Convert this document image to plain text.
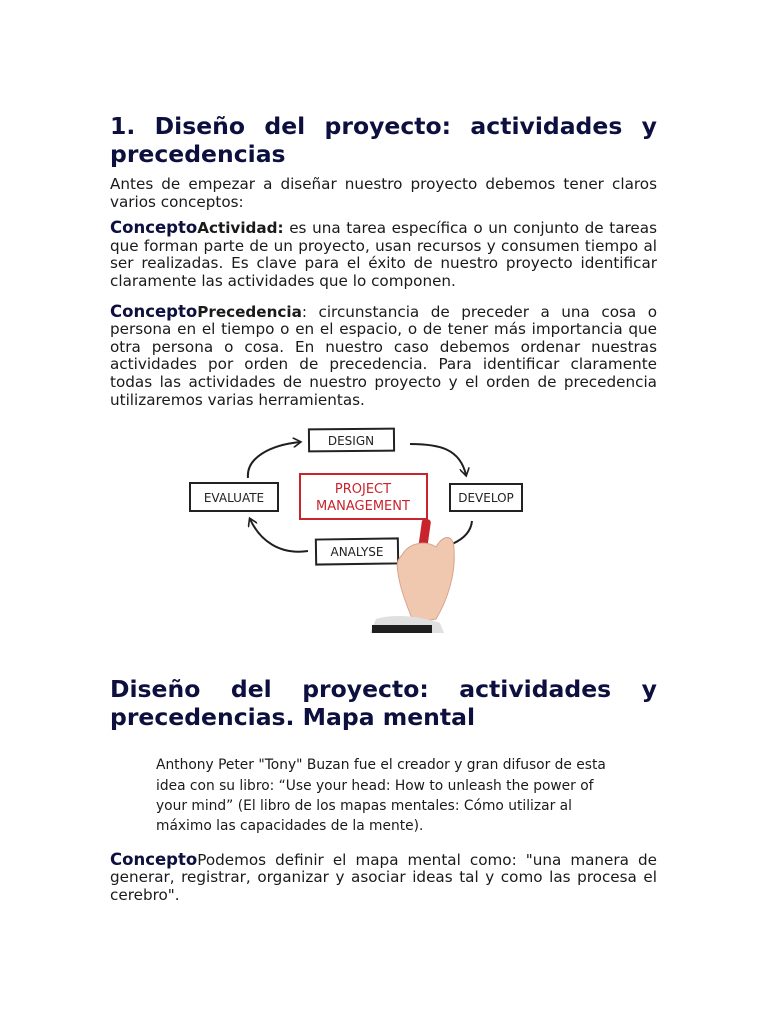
1. Diseño del proyecto: actividades y precedencias

Antes de empezar a diseñar nuestro proyecto debemos tener claros varios conceptos:

ConceptoActividad: es una tarea específica o un conjunto de tareas que forman parte de un proyecto, usan recursos y consumen tiempo al ser realizadas. Es clave para el éxito de nuestro proyecto identificar claramente las actividades que lo componen.

ConceptoPrecedencia: circunstancia de preceder a una cosa o persona en el tiempo o en el espacio, o de tener más importancia que otra persona o cosa. En nuestro caso debemos ordenar nuestras actividades por orden de precedencia. Para identificar claramente todas las actividades de nuestro proyecto y el orden de precedencia utilizaremos varias herramientas.

DESIGN
DEVELOP
EVALUATE
ANALYSE
PROJECT
MANAGEMENT
Diseño del proyecto: actividades y precedencias. Mapa mental
Anthony Peter "Tony" Buzan fue el creador y gran difusor de esta
idea con su libro: “Use your head: How to unleash the power of
your mind” (El libro de los mapas mentales: Cómo utilizar al
máximo las capacidades de la mente).

ConceptoPodemos definir el mapa mental como: "una manera de generar, registrar, organizar y asociar ideas tal y como las procesa el cerebro".
